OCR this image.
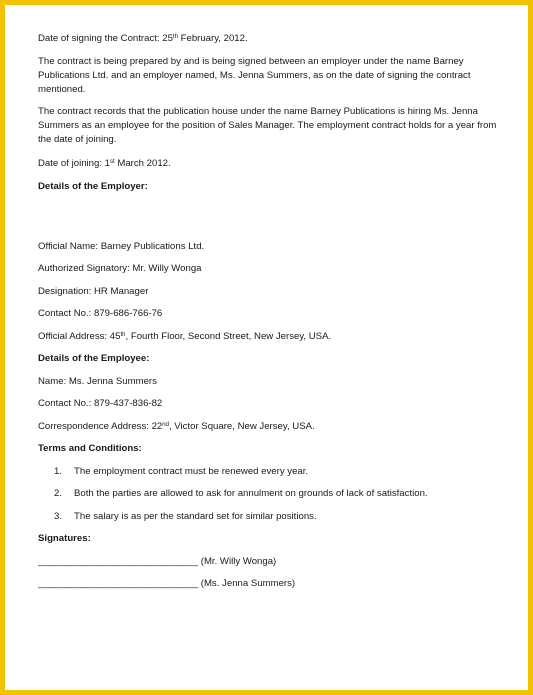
Date of signing the Contract: 25th February, 2012.

The contract is being prepared by and is being signed between an employer under the name Barney Publications Ltd. and an employer named, Ms. Jenna Summers, as on the date of signing the contract mentioned.

The contract records that the publication house under the name Barney Publications is hiring Ms. Jenna Summers as an employee for the position of Sales Manager. The employment contract holds for a year from the date of joining.

Date of joining: 1st March 2012.

Details of the Employer:

Official Name: Barney Publications Ltd.

Authorized Signatory: Mr. Willy Wonga

Designation: HR Manager

Contact No.: 879-686-766-76

Official Address: 45th, Fourth Floor, Second Street, New Jersey, USA.

Details of the Employee:

Name: Ms. Jenna Summers

Contact No.: 879-437-836-82

Correspondence Address: 22nd, Victor Square, New Jersey, USA.

Terms and Conditions:

1. The employment contract must be renewed every year.
2. Both the parties are allowed to ask for annulment on grounds of lack of satisfaction.
3. The salary is as per the standard set for similar positions.

Signatures:

______________________________ (Mr. Willy Wonga)

______________________________ (Ms. Jenna Summers)
